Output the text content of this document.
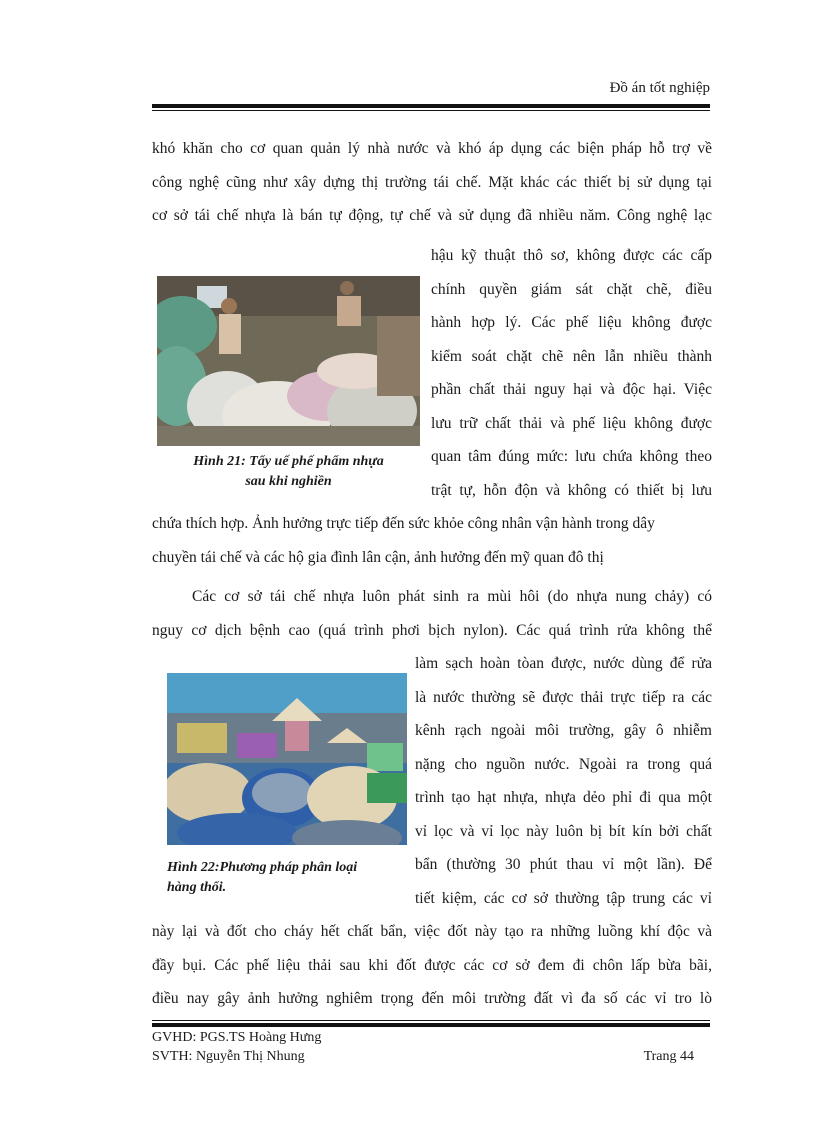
Đồ án tốt nghiệp
khó khăn cho cơ quan quản lý nhà nước và khó áp dụng các biện pháp hỗ trợ về
công nghệ cũng như xây dựng thị trường tái chế. Mặt khác các thiết bị sử dụng tại
cơ sở tái chế nhựa là bán tự động, tự chế và sử dụng đã nhiều năm. Công nghệ lạc
Hình 21: Tẩy uế phế phẩm nhựa
sau khi nghiền
hậu kỹ thuật thô sơ, không được các cấp
chính quyền giám sát chặt chẽ, điều
hành hợp lý. Các phế liệu không được
kiểm soát chặt chẽ nên lẫn nhiều thành
phần chất thải nguy hại và độc hại. Việc
lưu trữ chất thải và phế liệu không được
quan tâm đúng mức: lưu chứa không theo
trật tự, hỗn độn và không có thiết bị lưu
chứa thích hợp. Ảnh hưởng trực tiếp đến sức khỏe công nhân vận hành trong dây
chuyền tái chế và các hộ gia đình lân cận, ảnh hưởng đến mỹ quan đô thị
Các cơ sở tái chế nhựa luôn phát sinh ra mùi hôi (do nhựa nung chảy) có
nguy cơ dịch bệnh cao (quá trình phơi bịch nylon). Các quá trình rửa không thể
Hình 22:Phương pháp phân loại
hàng thổi.
làm sạch hoàn tòan được, nước dùng để rửa
là nước thường sẽ được thải trực tiếp ra các
kênh rạch ngoài môi trường, gây ô nhiễm
nặng cho nguồn nước. Ngoài ra trong quá
trình tạo hạt nhựa, nhựa dẻo phỉ đi qua một
vỉ lọc và vỉ lọc này luôn bị bít kín bởi chất
bẩn (thường 30 phút thau vỉ một lần). Để
tiết kiệm, các cơ sở thường tập trung các vỉ
này lại và đốt cho cháy hết chất bẩn, việc đốt này tạo ra những luồng khí độc và
đầy bụi. Các phế liệu thải sau khi đốt được các cơ sở đem đi chôn lấp bừa bãi,
điều nay gây ảnh hưởng nghiêm trọng đến môi trường đất vì đa số các vỉ tro lò
GVHD: PGS.TS Hoàng Hưng
SVTH: Nguyễn Thị Nhung	Trang 44
